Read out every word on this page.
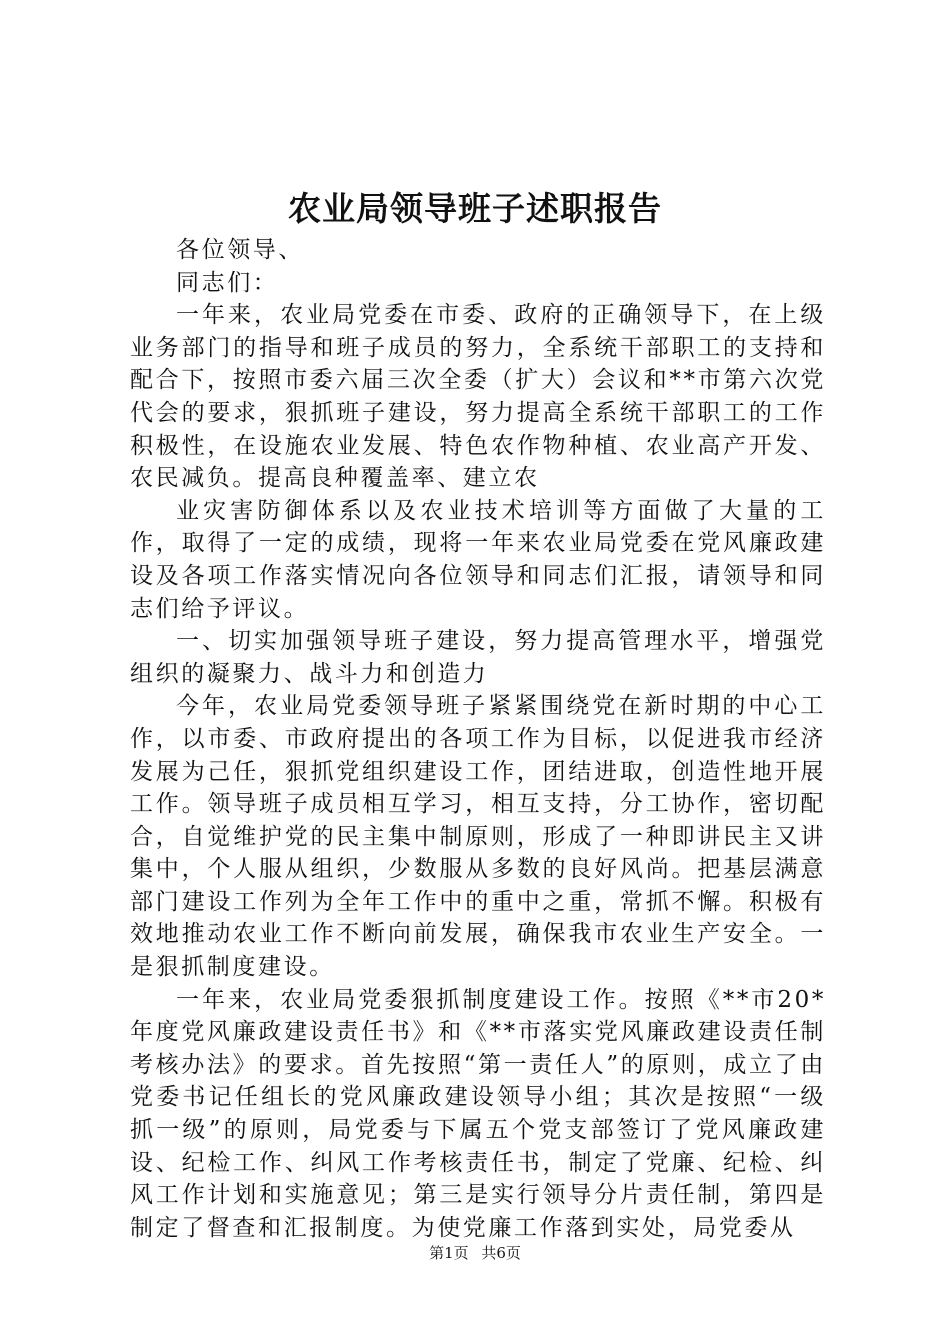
农业局领导班子述职报告

各位领导、

同志们：

一年来，农业局党委在市委、政府的正确领导下，在上级业务部门的指导和班子成员的努力，全系统干部职工的支持和配合下，按照市委六届三次全委（扩大）会议和**市第六次党代会的要求，狠抓班子建设，努力提高全系统干部职工的工作积极性，在设施农业发展、特色农作物种植、农业高产开发、农民减负。提高良种覆盖率、建立农

业灾害防御体系以及农业技术培训等方面做了大量的工作，取得了一定的成绩，现将一年来农业局党委在党风廉政建设及各项工作落实情况向各位领导和同志们汇报，请领导和同志们给予评议。

一、切实加强领导班子建设，努力提高管理水平，增强党组织的凝聚力、战斗力和创造力

今年，农业局党委领导班子紧紧围绕党在新时期的中心工作，以市委、市政府提出的各项工作为目标，以促进我市经济发展为己任，狠抓党组织建设工作，团结进取，创造性地开展工作。领导班子成员相互学习，相互支持，分工协作，密切配合，自觉维护党的民主集中制原则，形成了一种即讲民主又讲集中，个人服从组织，少数服从多数的良好风尚。把基层满意部门建设工作列为全年工作中的重中之重，常抓不懈。积极有效地推动农业工作不断向前发展，确保我市农业生产安全。一是狠抓制度建设。

一年来，农业局党委狠抓制度建设工作。按照《**市20*年度党风廉政建设责任书》和《**市落实党风廉政建设责任制考核办法》的要求。首先按照“第一责任人”的原则，成立了由党委书记任组长的党风廉政建设领导小组；其次是按照“一级抓一级”的原则，局党委与下属五个党支部签订了党风廉政建设、纪检工作、纠风工作考核责任书，制定了党廉、纪检、纠风工作计划和实施意见；第三是实行领导分片责任制，第四是制定了督查和汇报制度。为使党廉工作落到实处，局党委从

第1页 共6页
